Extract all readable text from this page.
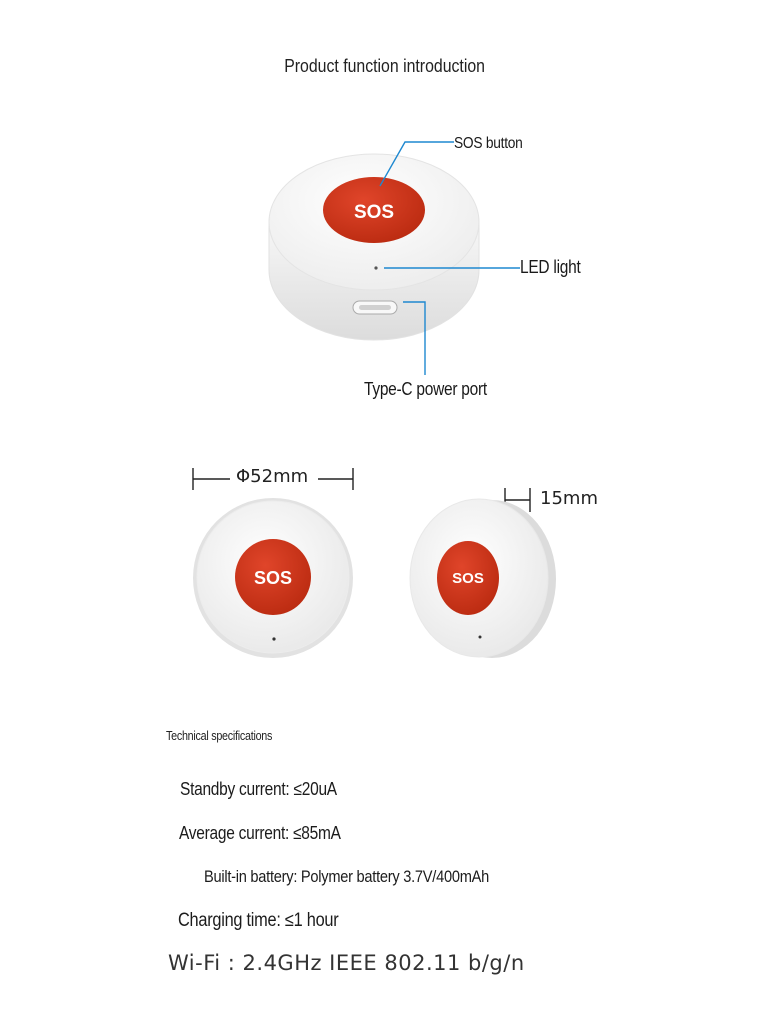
Product function introduction
SOS
SOS	SOS
SOS button
LED light
Type-C power port
Φ52mm
15mm
Technical specifications
Standby current: ≤20uA
Average current: ≤85mA
Built-in battery: Polymer battery 3.7V/400mAh
Charging time: ≤1 hour
Wi-Fi : 2.4GHz IEEE 802.11 b/g/n
